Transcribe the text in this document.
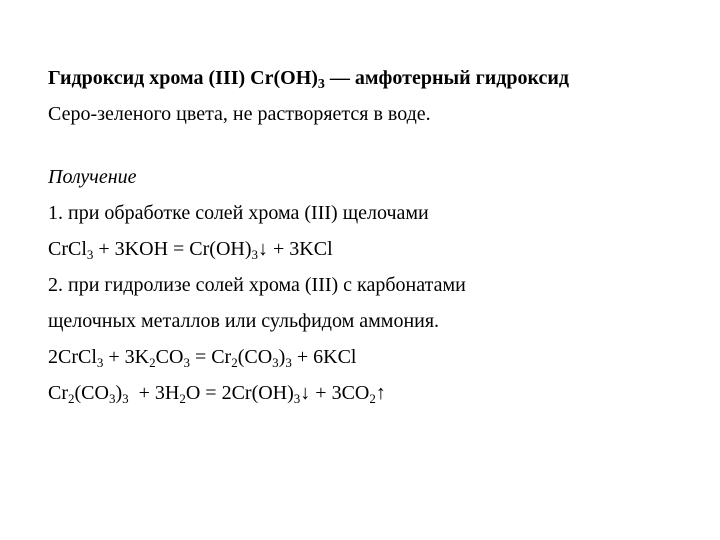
Гидроксид хрома (III) $Cr(OH)_3$ — амфотерный гидроксид
Серо-зеленого цвета, не растворяется в воде.
Получение
1. при обработке солей хрома (III) щелочами
CrCl$_3$ + $3KOH = Cr(OH)_3↓ + 3KCl$
2. при гидролизе солей хрома (III) с карбонатами
щелочных металлов или сульфидом аммония.
2CrCl$_3$ + $3K_2CO_3 = Cr_2(CO_3)_3 + 6KCl$
$Cr_2(CO_3)_3 + 3H_2O$ = $2Cr(OH)_3↓$ + $3CO_2↑$
